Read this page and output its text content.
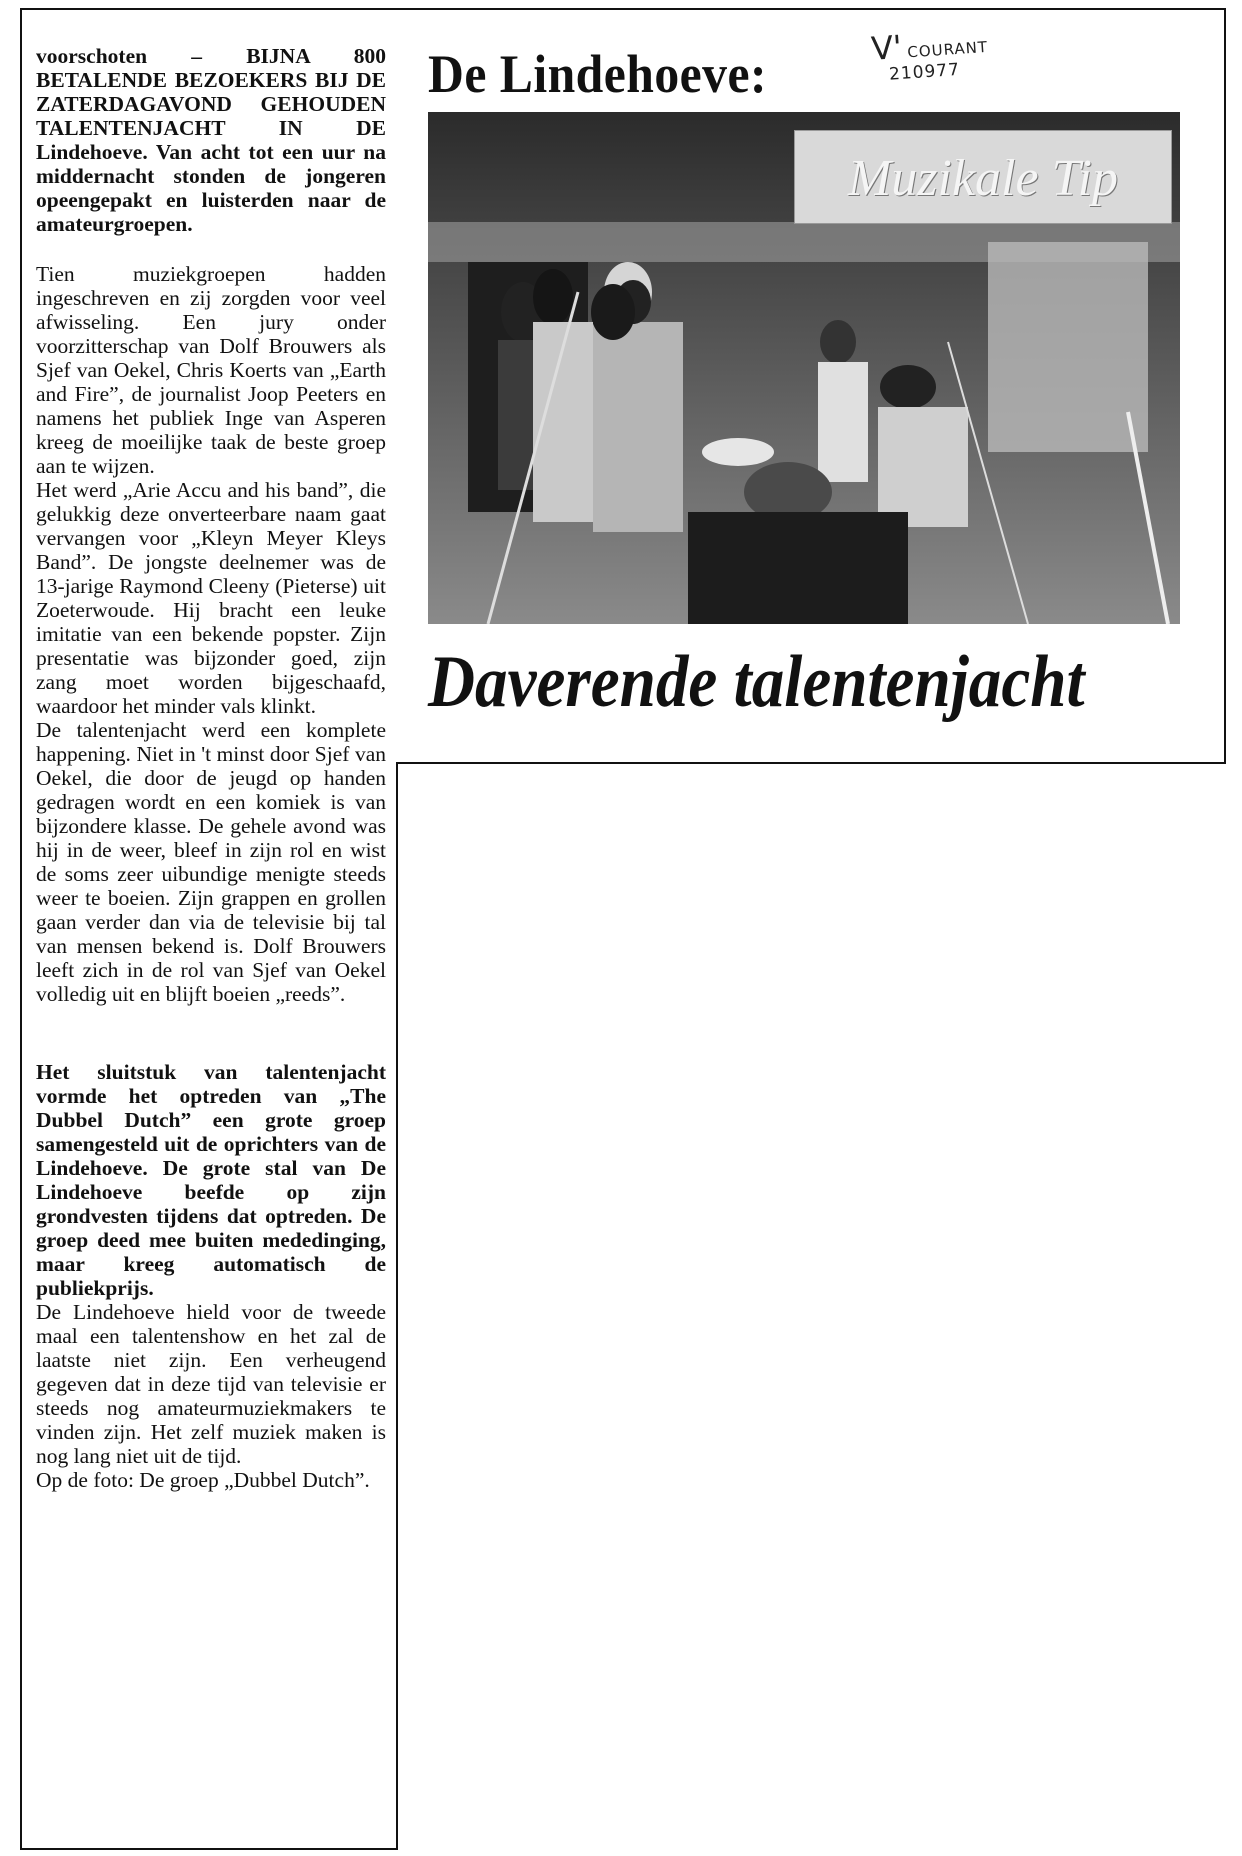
voorschoten – BIJNA 800 BETALENDE BEZOEKERS BIJ DE ZATERDAGAVOND GEHOUDEN TALENTENJACHT IN DE Lindehoeve. Van acht tot een uur na middernacht stonden de jongeren opeengepakt en luisterden naar de amateurgroepen.

Tien muziekgroepen hadden ingeschreven en zij zorgden voor veel afwisseling. Een jury onder voorzitterschap van Dolf Brouwers als Sjef van Oekel, Chris Koerts van „Earth and Fire”, de journalist Joop Peeters en namens het publiek Inge van Asperen kreeg de moeilijke taak de beste groep aan te wijzen.

Het werd „Arie Accu and his band”, die gelukkig deze onverteerbare naam gaat vervangen voor „Kleyn Meyer Kleys Band”. De jongste deelnemer was de 13-jarige Raymond Cleeny (Pieterse) uit Zoeterwoude. Hij bracht een leuke imitatie van een bekende popster. Zijn presentatie was bijzonder goed, zijn zang moet worden bijgeschaafd, waardoor het minder vals klinkt.

De talentenjacht werd een komplete happening. Niet in 't minst door Sjef van Oekel, die door de jeugd op handen gedragen wordt en een komiek is van bijzondere klasse. De gehele avond was hij in de weer, bleef in zijn rol en wist de soms zeer uibundige menigte steeds weer te boeien. Zijn grappen en grollen gaan verder dan via de televisie bij tal van mensen bekend is. Dolf Brouwers leeft zich in de rol van Sjef van Oekel volledig uit en blijft boeien „reeds”.

Het sluitstuk van talentenjacht vormde het optreden van „The Dubbel Dutch” een grote groep samengesteld uit de oprichters van de Lindehoeve. De grote stal van De Lindehoeve beefde op zijn grondvesten tijdens dat optreden. De groep deed mee buiten mededinging, maar kreeg automatisch de publiekprijs.

De Lindehoeve hield voor de tweede maal een talentenshow en het zal de laatste niet zijn. Een verheugend gegeven dat in deze tijd van televisie er steeds nog amateurmuziekmakers te vinden zijn. Het zelf muziek maken is nog lang niet uit de tijd.

Op de foto: De groep „Dubbel Dutch”.

De Lindehoeve:	V' COURANT
210977
Muzikale Tip
Daverende talentenjacht
